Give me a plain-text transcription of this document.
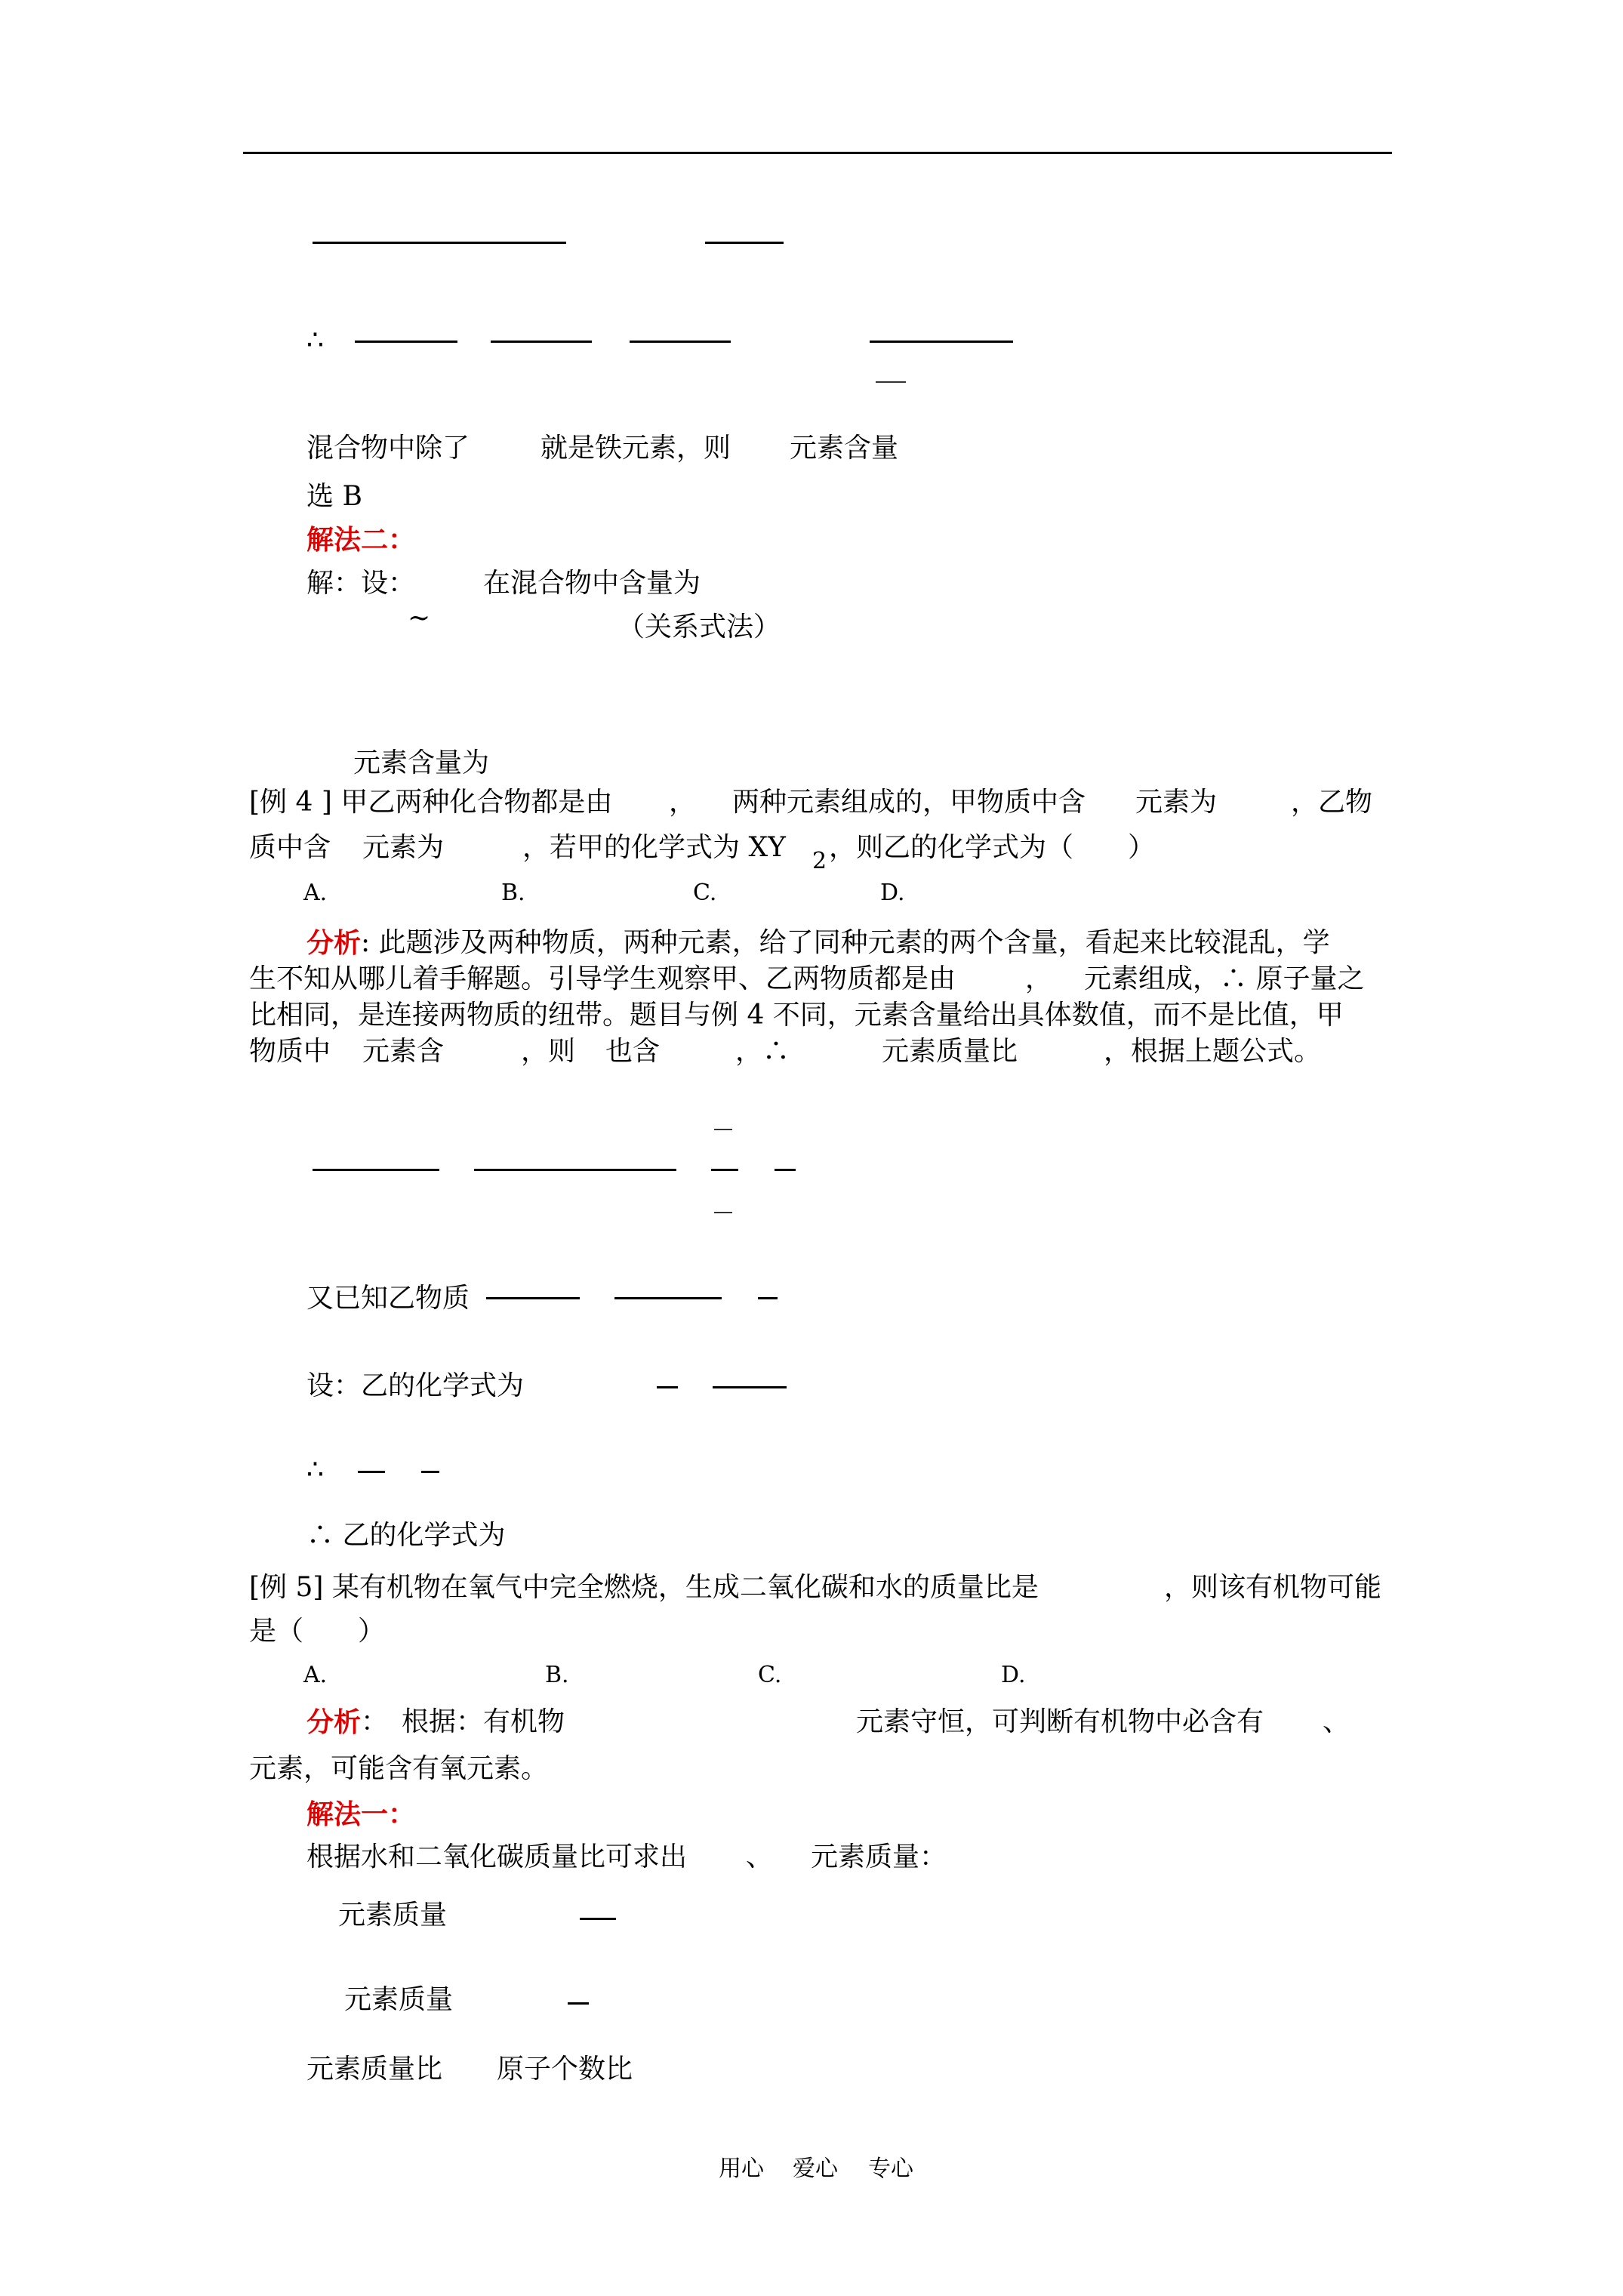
∴
混合物中除了	就是铁元素，则 元素含量
选 B
解法二：
解：设： 在混合物中含量为
~	（关系式法）
元素含量为
[例 4 ] 甲乙两种化合物都是由 ， 两种元素组成的，甲物质中含 元素为	，乙物
质中含 元素为	，若甲的化学式为 XY 2 ，则乙的化学式为（　　）
A.	B.	C.	D.
分析 : 此题涉及两种物质，两种元素，给了同种元素的两个含量，看起来比较混乱，学
生不知从哪儿着手解题。引导学生观察甲、乙两物质都是由	， 元素组成，∴ 原子量之
比相同，是连接两物质的纽带。题目与例 4 不同，元素含量给出具体数值，而不是比值，甲
物质中 元素含	，则 也含	，∴	元素质量比	，根据上题公式。
又已知乙物质
设：乙的化学式为
∴
∴ 乙的化学式为
[例 5] 某有机物在氧气中完全燃烧，生成二氧化碳和水的质量比是	，则该有机物可能
是（　　）
A.	B.	C.	D.
分析 ：　根据：有机物	元素守恒，可判断有机物中必含有 、
元素，可能含有氧元素。
解法一：
根据水和二氧化碳质量比可求出 、 元素质量：
元素质量
元素质量
元素质量比 原子个数比
用心 爱心 专心
